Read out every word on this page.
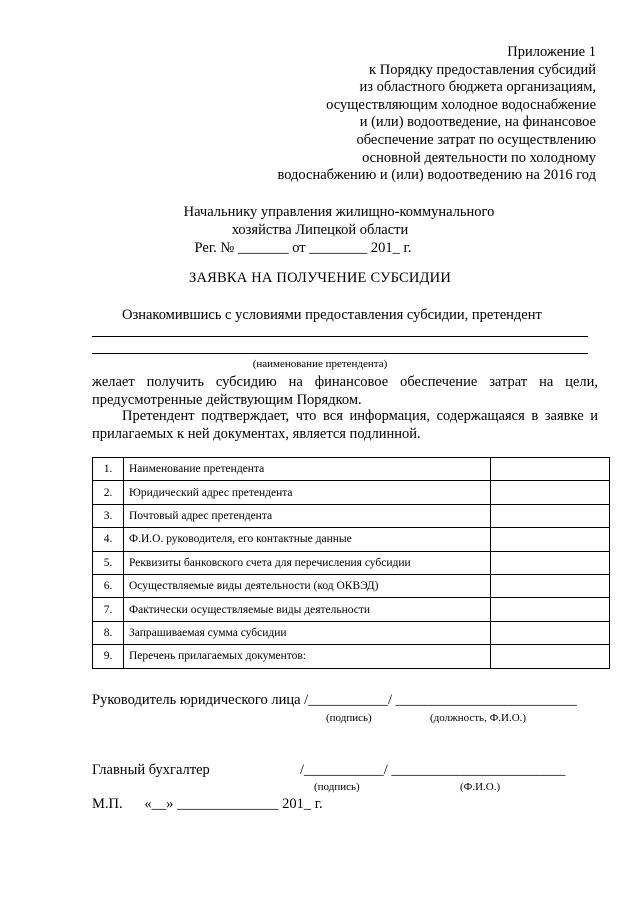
Приложение 1
к Порядку предоставления субсидий
из областного бюджета организациям,
осуществляющим холодное водоснабжение
и (или) водоотведение, на финансовое
обеспечение затрат по осуществлению
основной деятельности по холодному
водоснабжению и (или) водоотведению на 2016 год
Начальнику управления жилищно-коммунального
хозяйства Липецкой области
Рег. № _______ от ________ 201_ г.
ЗАЯВКА НА ПОЛУЧЕНИЕ СУБСИДИИ
Ознакомившись с условиями предоставления субсидии, претендент
(наименование претендента)
желает получить субсидию на финансовое обеспечение затрат на цели, предусмотренные действующим Порядком.
Претендент подтверждает, что вся информация, содержащаяся в заявке и прилагаемых к ней документах, является подлинной.
1.	Наименование претендента	
2.	Юридический адрес претендента	
3.	Почтовый адрес претендента	
4.	Ф.И.О. руководителя, его контактные данные	
5.	Реквизиты банковского счета для перечисления субсидии	
6.	Осуществляемые виды деятельности (код ОКВЭД)	
7.	Фактически осуществляемые виды деятельности	
8.	Запрашиваемая сумма субсидии	
9.	Перечень прилагаемых документов:	
Руководитель юридического лица /___________/ _________________________
(подпись)	(должность, Ф.И.О.)
Главный бухгалтер	/___________/ ________________________
(подпись)	(Ф.И.О.)
М.П.      «__» ______________ 201_ г.
